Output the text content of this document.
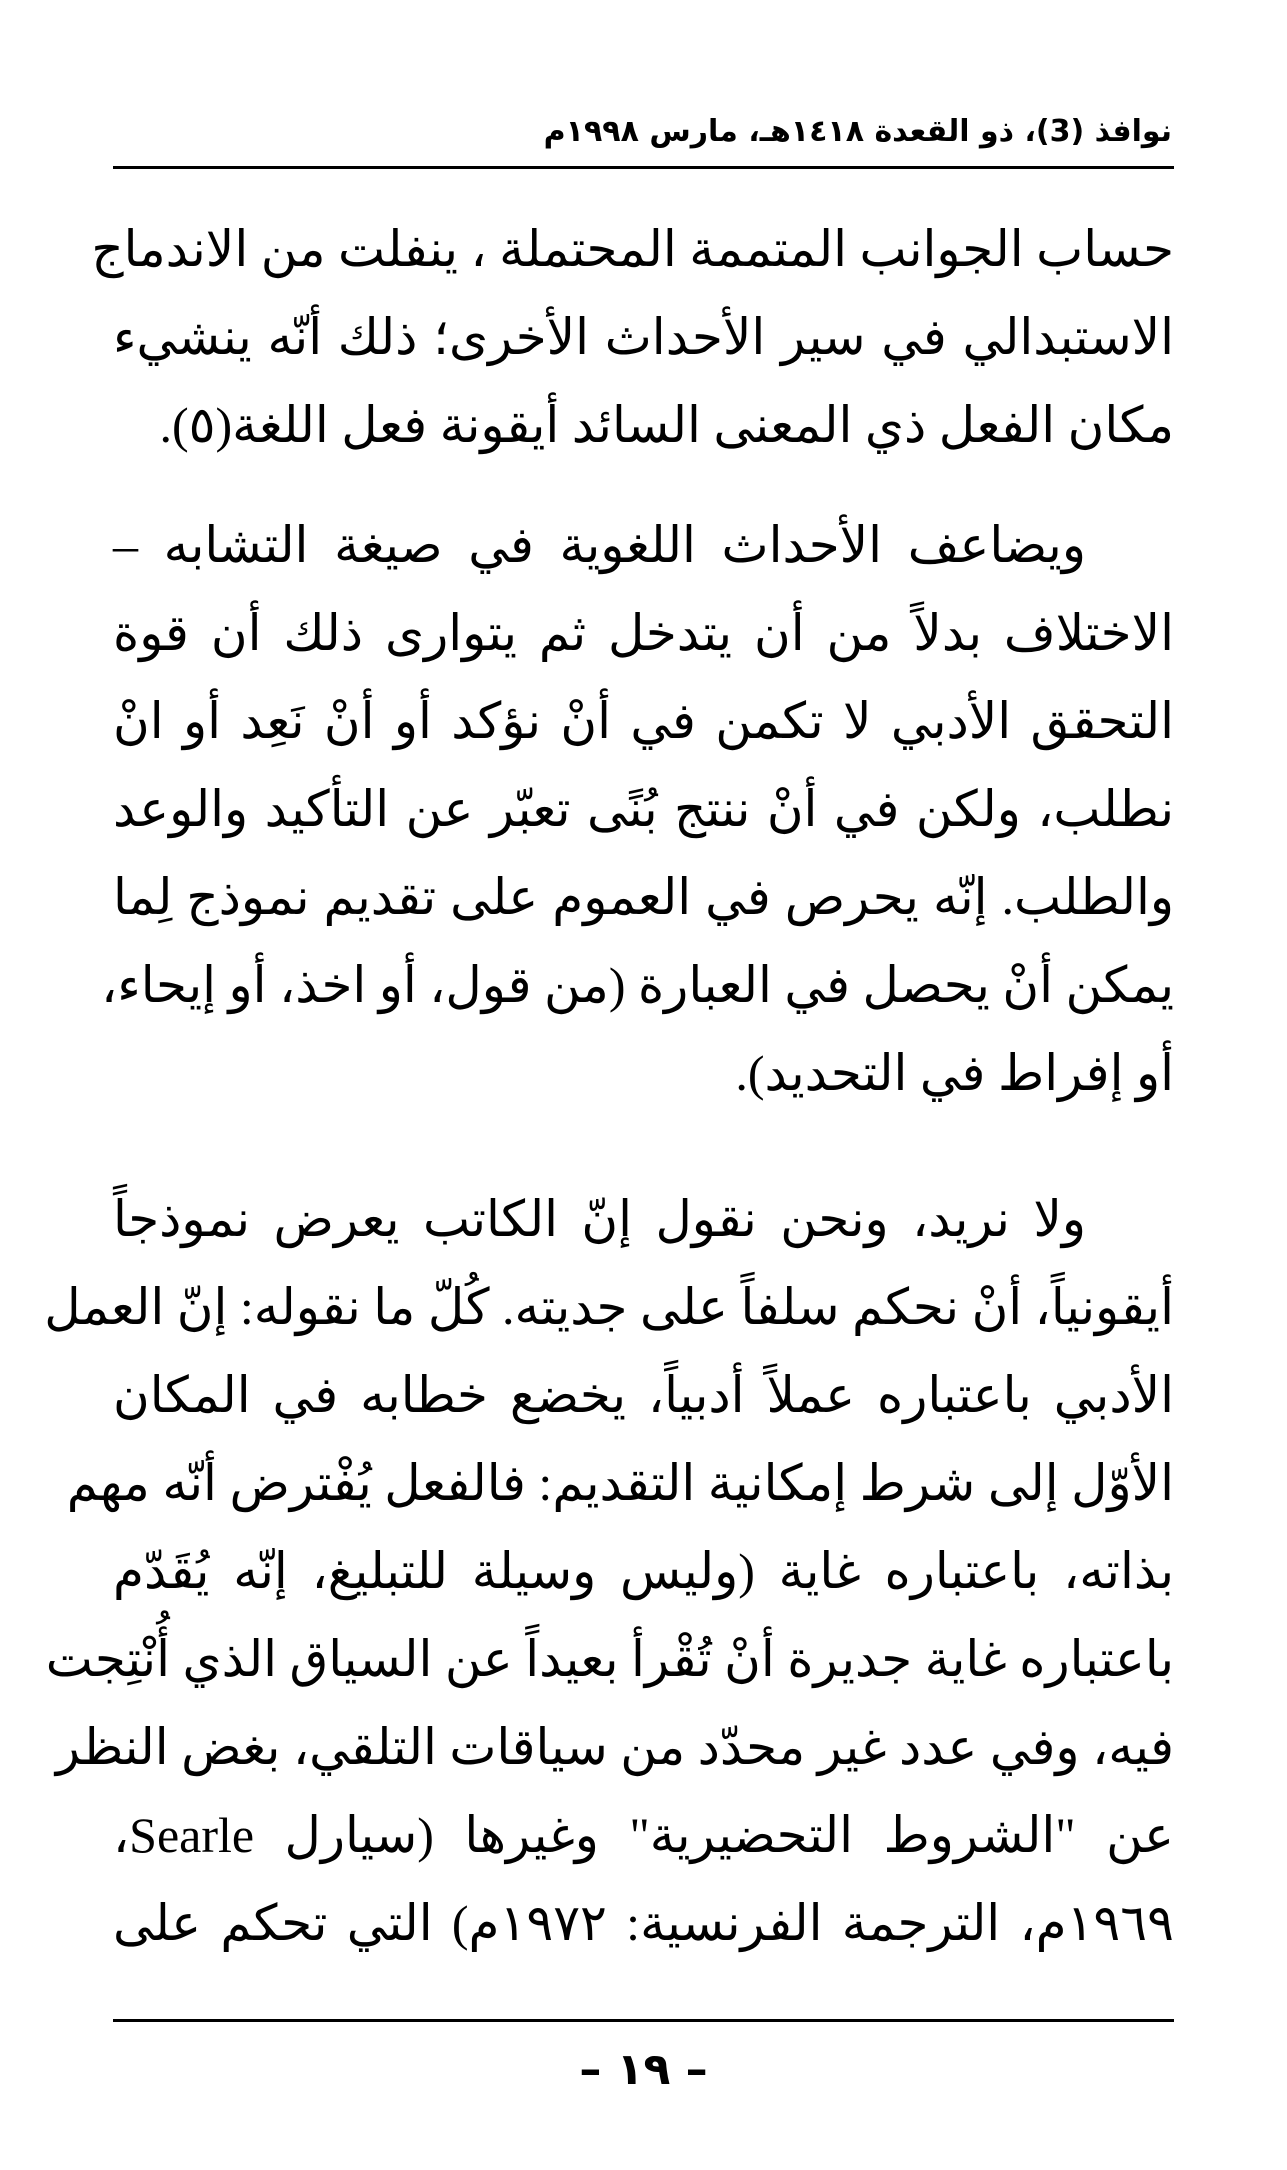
نوافذ (3)، ذو القعدة ١٤١٨هـ، مارس ١٩٩٨م
حساب الجوانب المتممة المحتملة ، ينفلت من الاندماج
الاستبدالي في سير الأحداث الأخرى؛ ذلك أنّه ينشيء
مكان الفعل ذي المعنى السائد أيقونة فعل اللغة(٥).
ويضاعف الأحداث اللغوية في صيغة التشابه –
الاختلاف بدلاً من أن يتدخل ثم يتوارى ذلك أن قوة
التحقق الأدبي لا تكمن في أنْ نؤكد أو أنْ نَعِد أو انْ
نطلب، ولكن في أنْ ننتج بُنًى تعبّر عن التأكيد والوعد
والطلب. إنّه يحرص في العموم على تقديم نموذج لِما
يمكن أنْ يحصل في العبارة (من قول، أو اخذ، أو إيحاء،
أو إفراط في التحديد).
ولا نريد، ونحن نقول إنّ الكاتب يعرض نموذجاً
أيقونياً، أنْ نحكم سلفاً على جديته. كُلّ ما نقوله: إنّ العمل
الأدبي باعتباره عملاً أدبياً، يخضع خطابه في المكان
الأوّل إلى شرط إمكانية التقديم: فالفعل يُفْترض أنّه مهم
بذاته، باعتباره غاية (وليس وسيلة للتبليغ، إنّه يُقَدّم
باعتباره غاية جديرة أنْ تُقْرأ بعيداً عن السياق الذي أُنْتِجت
فيه، وفي عدد غير محدّد من سياقات التلقي، بغض النظر
عن "الشروط التحضيرية" وغيرها (سيارل Searle،
١٩٦٩م، الترجمة الفرنسية: ١٩٧٢م) التي تحكم على
– ١٩ –
